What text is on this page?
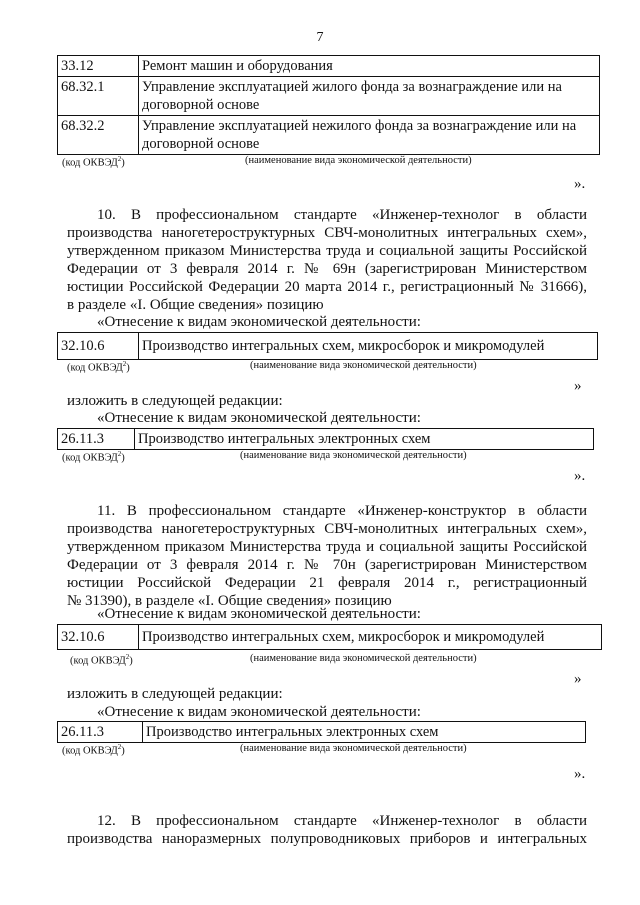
7
33.12	Ремонт машин и оборудования
68.32.1	Управление эксплуатацией жилого фонда за вознаграждение или на договорной основе
68.32.2	Управление эксплуатацией нежилого фонда за вознаграждение или на договорной основе
(код ОКВЭД$^2$)	(наименование вида экономической деятельности)
».
10. В профессиональном стандарте «Инженер-технолог в области
производства наногетероструктурных СВЧ-монолитных интегральных схем»,
утвержденном приказом Министерства труда и социальной защиты Российской
Федерации от 3 февраля 2014 г. № 69н (зарегистрирован Министерством
юстиции Российской Федерации 20 марта 2014 г., регистрационный № 31666),
в разделе «I. Общие сведения» позицию
«Отнесение к видам экономической деятельности:
32.10.6	Производство интегральных схем, микросборок и микромодулей
(код ОКВЭД$^2$)	(наименование вида экономической деятельности)
»
изложить в следующей редакции:
«Отнесение к видам экономической деятельности:
26.11.3	Производство интегральных электронных схем
(код ОКВЭД$^2$)	(наименование вида экономической деятельности)
».
11. В профессиональном стандарте «Инженер-конструктор в области
производства наногетероструктурных СВЧ-монолитных интегральных схем»,
утвержденном приказом Министерства труда и социальной защиты Российской
Федерации от 3 февраля 2014 г. № 70н (зарегистрирован Министерством
юстиции Российской Федерации 21 февраля 2014 г., регистрационный
№ 31390), в разделе «I. Общие сведения» позицию
«Отнесение к видам экономической деятельности:
32.10.6	Производство интегральных схем, микросборок и микромодулей
(код ОКВЭД$^2$)	(наименование вида экономической деятельности)
»
изложить в следующей редакции:
«Отнесение к видам экономической деятельности:
26.11.3	Производство интегральных электронных схем
(код ОКВЭД$^2$)	(наименование вида экономической деятельности)
».
12. В профессиональном стандарте «Инженер-технолог в области
производства наноразмерных полупроводниковых приборов и интегральных
